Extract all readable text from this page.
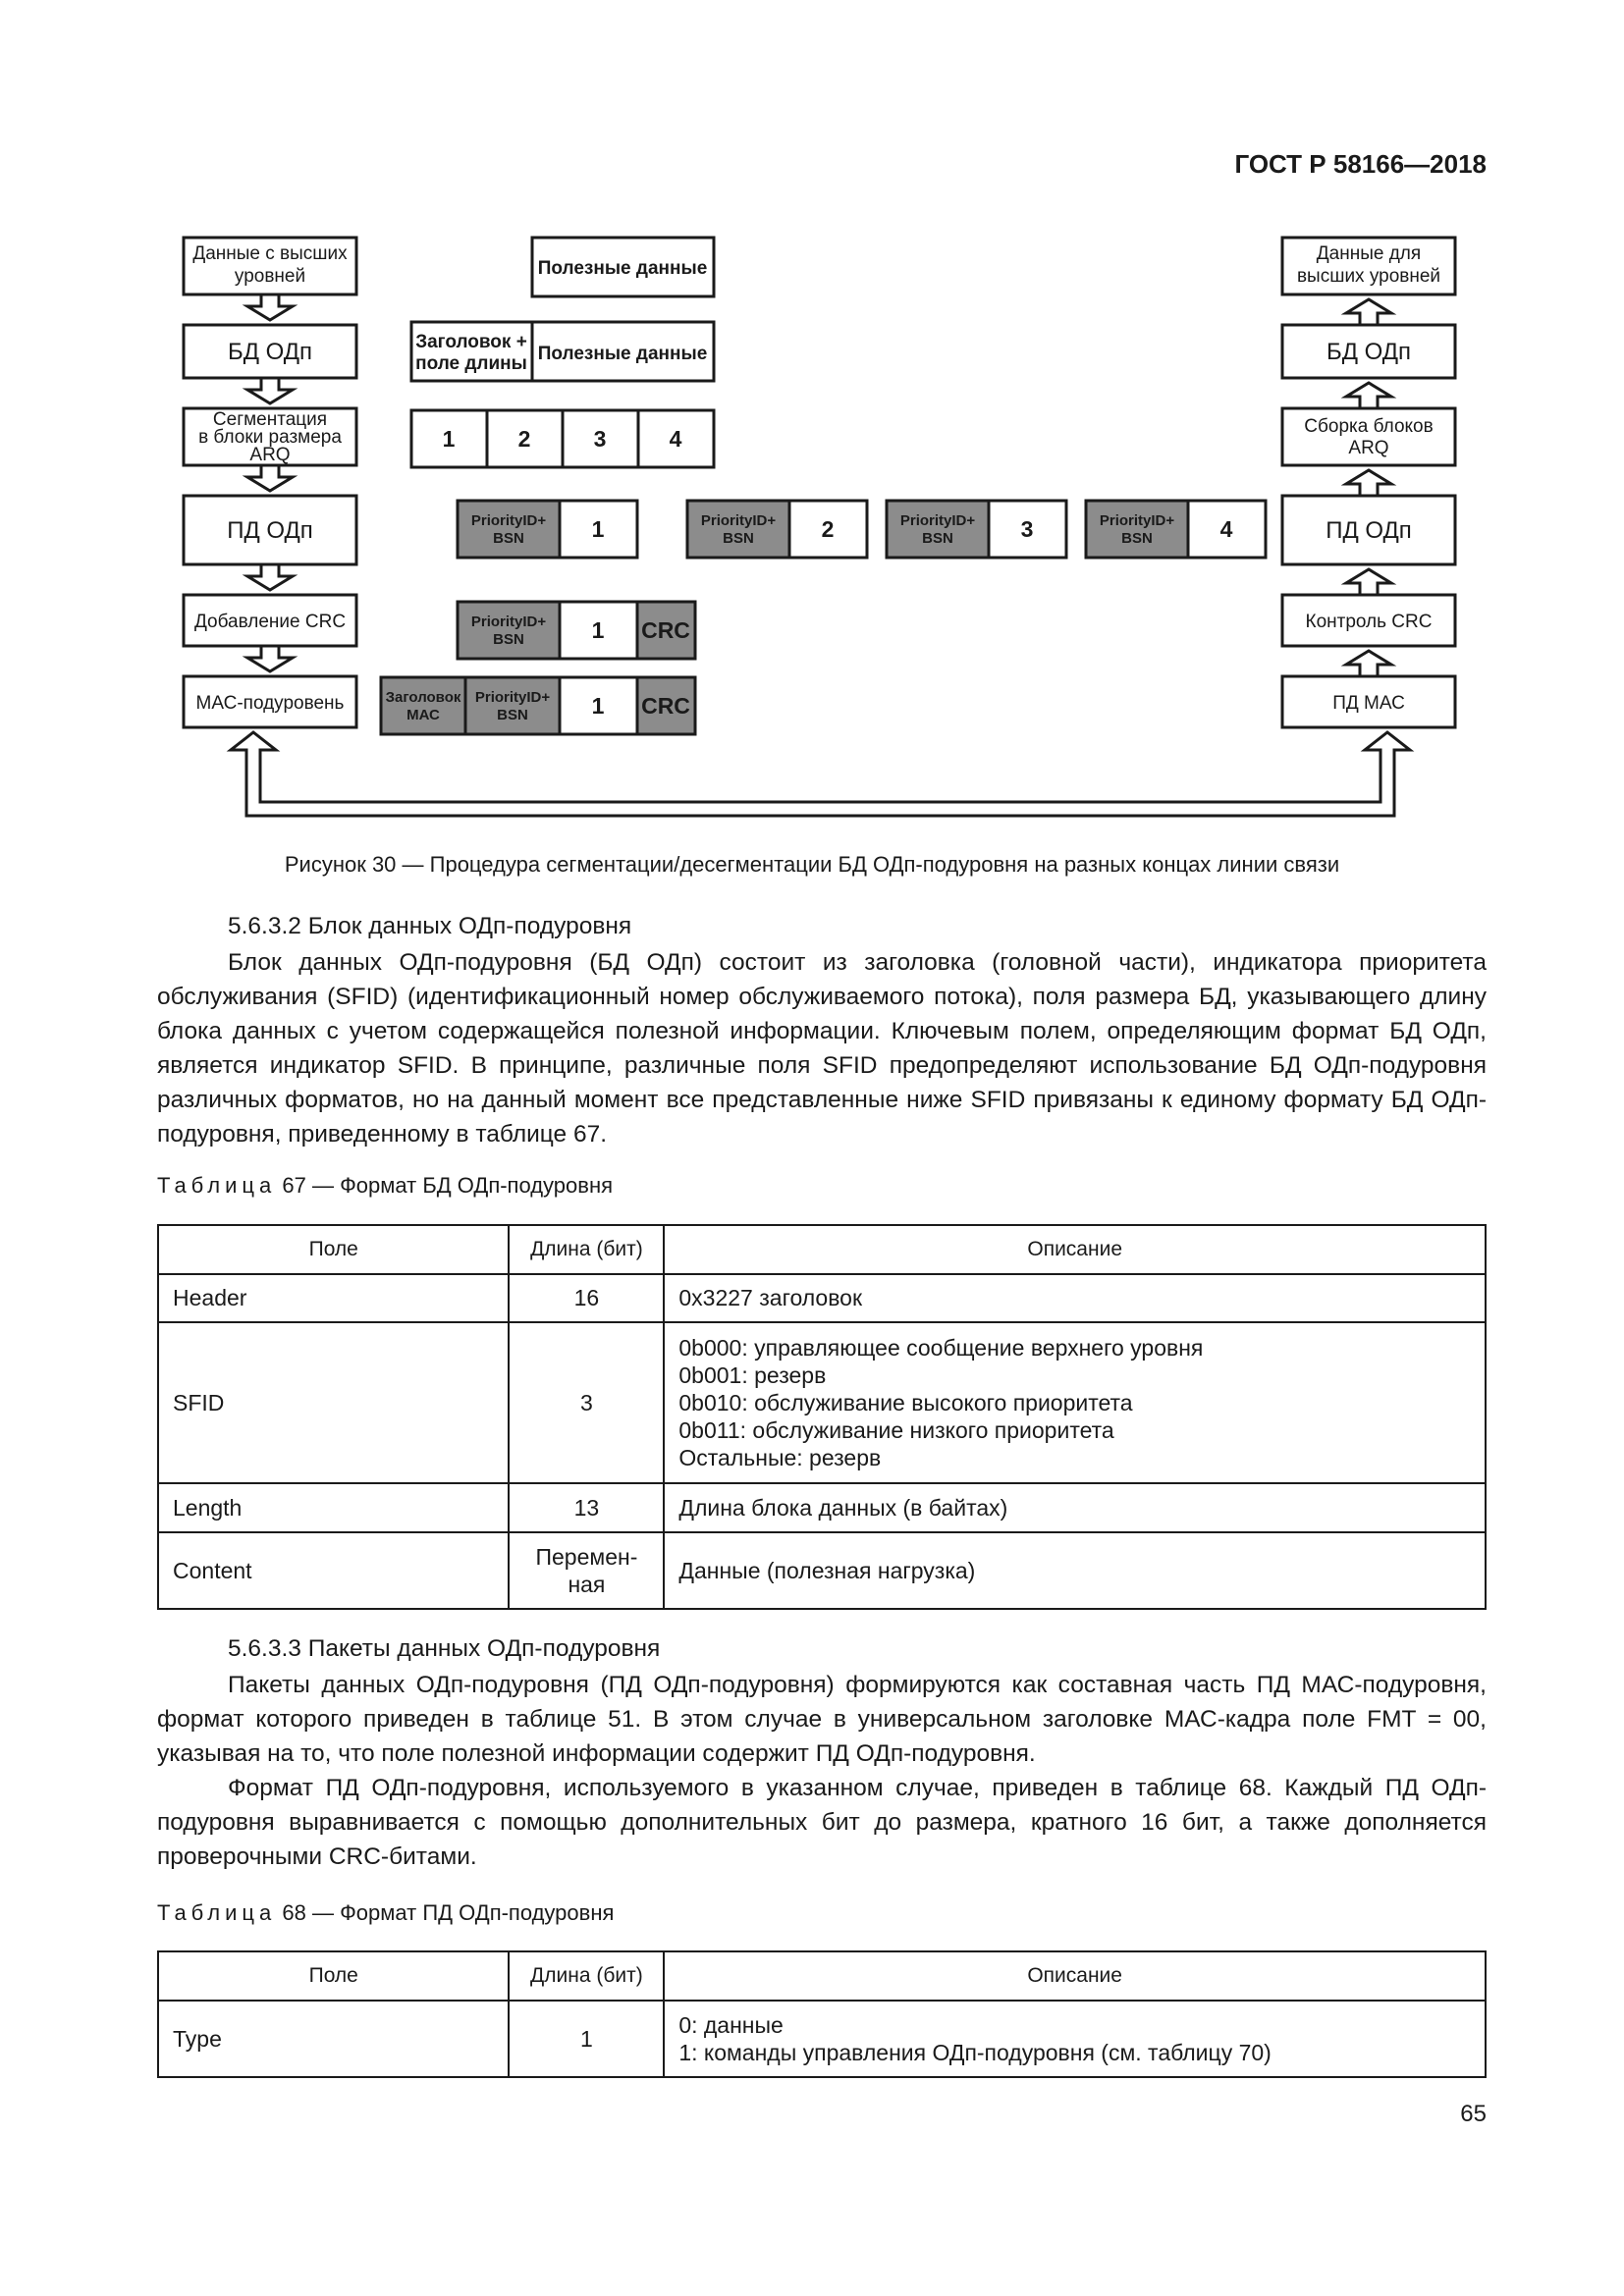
ГОСТ Р 58166—2018
Данные с высших
уровней
БД ОДп
Сегментация
в блоки размера
ARQ
ПД ОДп
Добавление CRC
МАС-подуровень
Данные для
высших уровней
БД ОДп
Сборка блоков
ARQ
ПД ОДп
Контроль CRC
ПД МАС
Полезные данные
Заголовок +
поле длины Полезные данные
1	2	3	4
PriorityID+
BSN	1	PriorityID+
BSN	2	PriorityID+
BSN	3	PriorityID+
BSN	4
PriorityID+
BSN	1 CRC
Заголовок
МАС
PriorityID+
BSN	1 CRC
Рисунок 30 — Процедура сегментации/десегментации БД ОДп-подуровня на разных концах линии связи
5.6.3.2 Блок данных ОДп-подуровня

Блок данных ОДп-подуровня (БД ОДп) состоит из заголовка (головной части), индикатора приоритета обслуживания (SFID) (идентификационный номер обслуживаемого потока), поля размера БД, указывающего длину блока данных с учетом содержащейся полезной информации. Ключевым полем, определяющим формат БД ОДп, является индикатор SFID. В принципе, различные поля SFID предопределяют использование БД ОДп-подуровня различных форматов, но на данный момент все представленные ниже SFID привязаны к единому формату БД ОДп-подуровня, приведенному в таблице 67.

Таблица 67 — Формат БД ОДп-подуровня
Поле	Длина (бит)	Описание
Header	16	0x3227 заголовок
SFID	3	0b000: управляющее сообщение верхнего уровня
0b001: резерв
0b010: обслуживание высокого приоритета
0b011: обслуживание низкого приоритета
Остальные: резерв

Length	13	Длина блока данных (в байтах)
Content	Перемен-
ная	Данные (полезная нагрузка)
5.6.3.3 Пакеты данных ОДп-подуровня

Пакеты данных ОДп-подуровня (ПД ОДп-подуровня) формируются как составная часть ПД МАС-подуровня, формат которого приведен в таблице 51. В этом случае в универсальном заголовке МАС-кадра поле FMT = 00, указывая на то, что поле полезной информации содержит ПД ОДп-подуровня.

Формат ПД ОДп-подуровня, используемого в указанном случае, приведен в таблице 68. Каждый ПД ОДп-подуровня выравнивается с помощью дополнительных бит до размера, кратного 16 бит, а также дополняется проверочными CRC-битами.

Таблица 68 — Формат ПД ОДп-подуровня
Поле	Длина (бит)	Описание
Type	1	0: данные
1: команды управления ОДп-подуровня (см. таблицу 70)
65
